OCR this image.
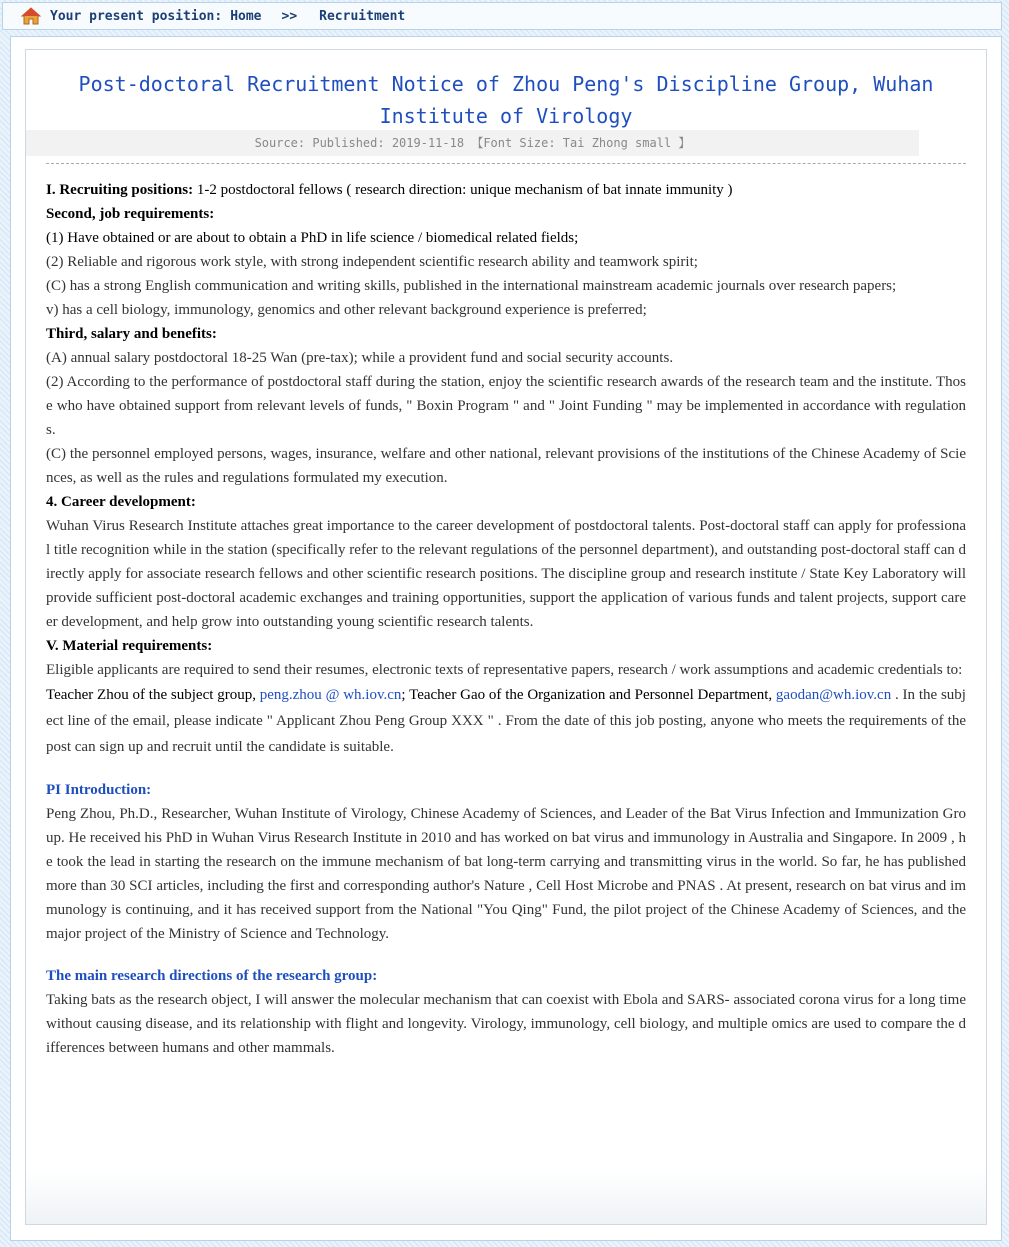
Your present position: Home >> Recruitment
Post-doctoral Recruitment Notice of Zhou Peng's Discipline Group, Wuhan Institute of Virology
Source: Published: 2019-11-18 【Font Size: Tai Zhong small 】

I. Recruiting positions: 1-2 postdoctoral fellows ( research direction: unique mechanism of bat innate immunity )

Second, job requirements:

(1) Have obtained or are about to obtain a PhD in life science / biomedical related fields;

(2) Reliable and rigorous work style, with strong independent scientific research ability and teamwork spirit;

(C) has a strong English communication and writing skills, published in the international mainstream academic journals over research papers;

v) has a cell biology, immunology, genomics and other relevant background experience is preferred;

Third, salary and benefits:

(A) annual salary postdoctoral 18-25 Wan (pre-tax); while a provident fund and social security accounts.

(2) According to the performance of postdoctoral staff during the station, enjoy the scientific research awards of the research team and the institute. Those who have obtained support from relevant levels of funds, " Boxin Program " and " Joint Funding " may be implemented in accordance with regulations.

(C) the personnel employed persons, wages, insurance, welfare and other national, relevant provisions of the institutions of the Chinese Academy of Sciences, as well as the rules and regulations formulated my execution.

4. Career development:

Wuhan Virus Research Institute attaches great importance to the career development of postdoctoral talents. Post-doctoral staff can apply for professional title recognition while in the station (specifically refer to the relevant regulations of the personnel department), and outstanding post-doctoral staff can directly apply for associate research fellows and other scientific research positions. The discipline group and research institute / State Key Laboratory will provide sufficient post-doctoral academic exchanges and training opportunities, support the application of various funds and talent projects, support career development, and help grow into outstanding young scientific research talents.

V. Material requirements:

Eligible applicants are required to send their resumes, electronic texts of representative papers, research / work assumptions and academic credentials to:

Teacher Zhou of the subject group, peng.zhou @ wh.iov.cn; Teacher Gao of the Organization and Personnel Department, gaodan@wh.iov.cn . In the subject line of the email, please indicate " Applicant Zhou Peng Group XXX " . From the date of this job posting, anyone who meets the requirements of the post can sign up and recruit until the candidate is suitable.

PI Introduction:

Peng Zhou, Ph.D., Researcher, Wuhan Institute of Virology, Chinese Academy of Sciences, and Leader of the Bat Virus Infection and Immunization Group. He received his PhD in Wuhan Virus Research Institute in 2010 and has worked on bat virus and immunology in Australia and Singapore. In 2009 , he took the lead in starting the research on the immune mechanism of bat long-term carrying and transmitting virus in the world. So far, he has published more than 30 SCI articles, including the first and corresponding author's Nature , Cell Host Microbe and PNAS . At present, research on bat virus and immunology is continuing, and it has received support from the National "You Qing" Fund, the pilot project of the Chinese Academy of Sciences, and the major project of the Ministry of Science and Technology.

The main research directions of the research group:

Taking bats as the research object, I will answer the molecular mechanism that can coexist with Ebola and SARS- associated corona virus for a long time without causing disease, and its relationship with flight and longevity. Virology, immunology, cell biology, and multiple omics are used to compare the differences between humans and other mammals.
